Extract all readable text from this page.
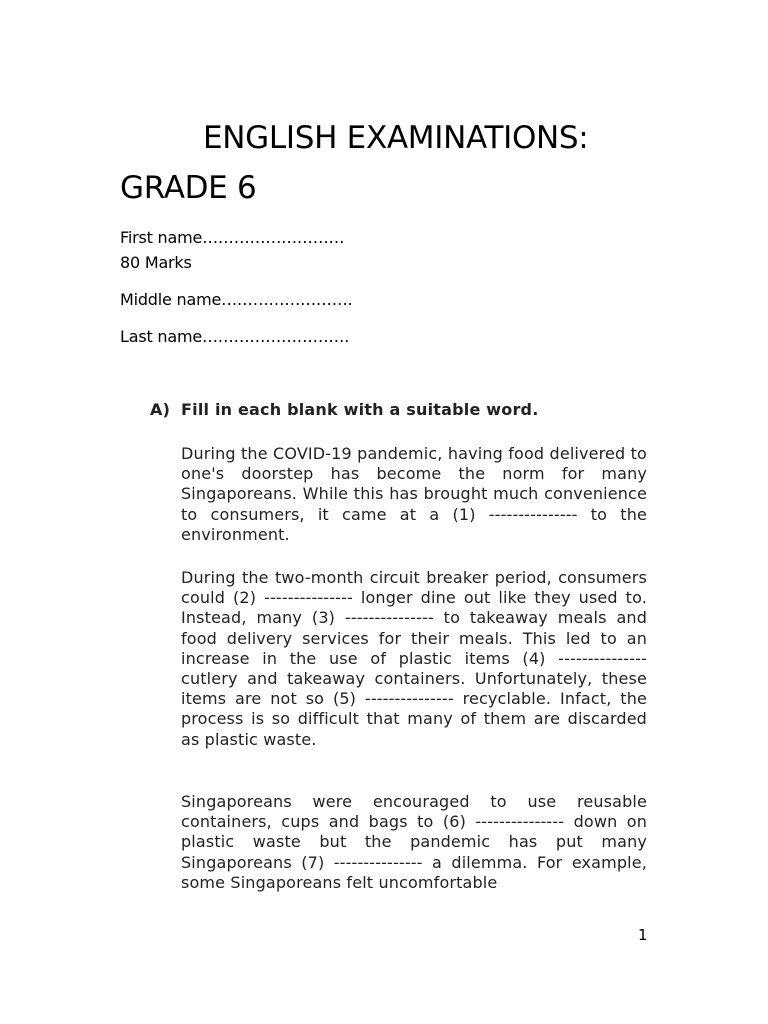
ENGLISH EXAMINATIONS:
GRADE 6
First name………………………
80 Marks
Middle name…………………….
Last name……………………….
A) Fill in each blank with a suitable word.

During the COVID-19 pandemic, having food delivered to one's doorstep has become the norm for many Singaporeans. While this has brought much convenience to consumers, it came at a (1) --------------- to the environment.

During the two-month circuit breaker period, consumers could (2) --------------- longer dine out like they used to. Instead, many (3) --------------- to takeaway meals and food delivery services for their meals. This led to an increase in the use of plastic items (4) --------------- cutlery and takeaway containers. Unfortunately, these items are not so (5) --------------- recyclable. Infact, the process is so difficult that many of them are discarded as plastic waste.

Singaporeans were encouraged to use reusable containers, cups and bags to (6) --------------- down on plastic waste but the pandemic has put many Singaporeans (7) --------------- a dilemma. For example, some Singaporeans felt uncomfortable

1
